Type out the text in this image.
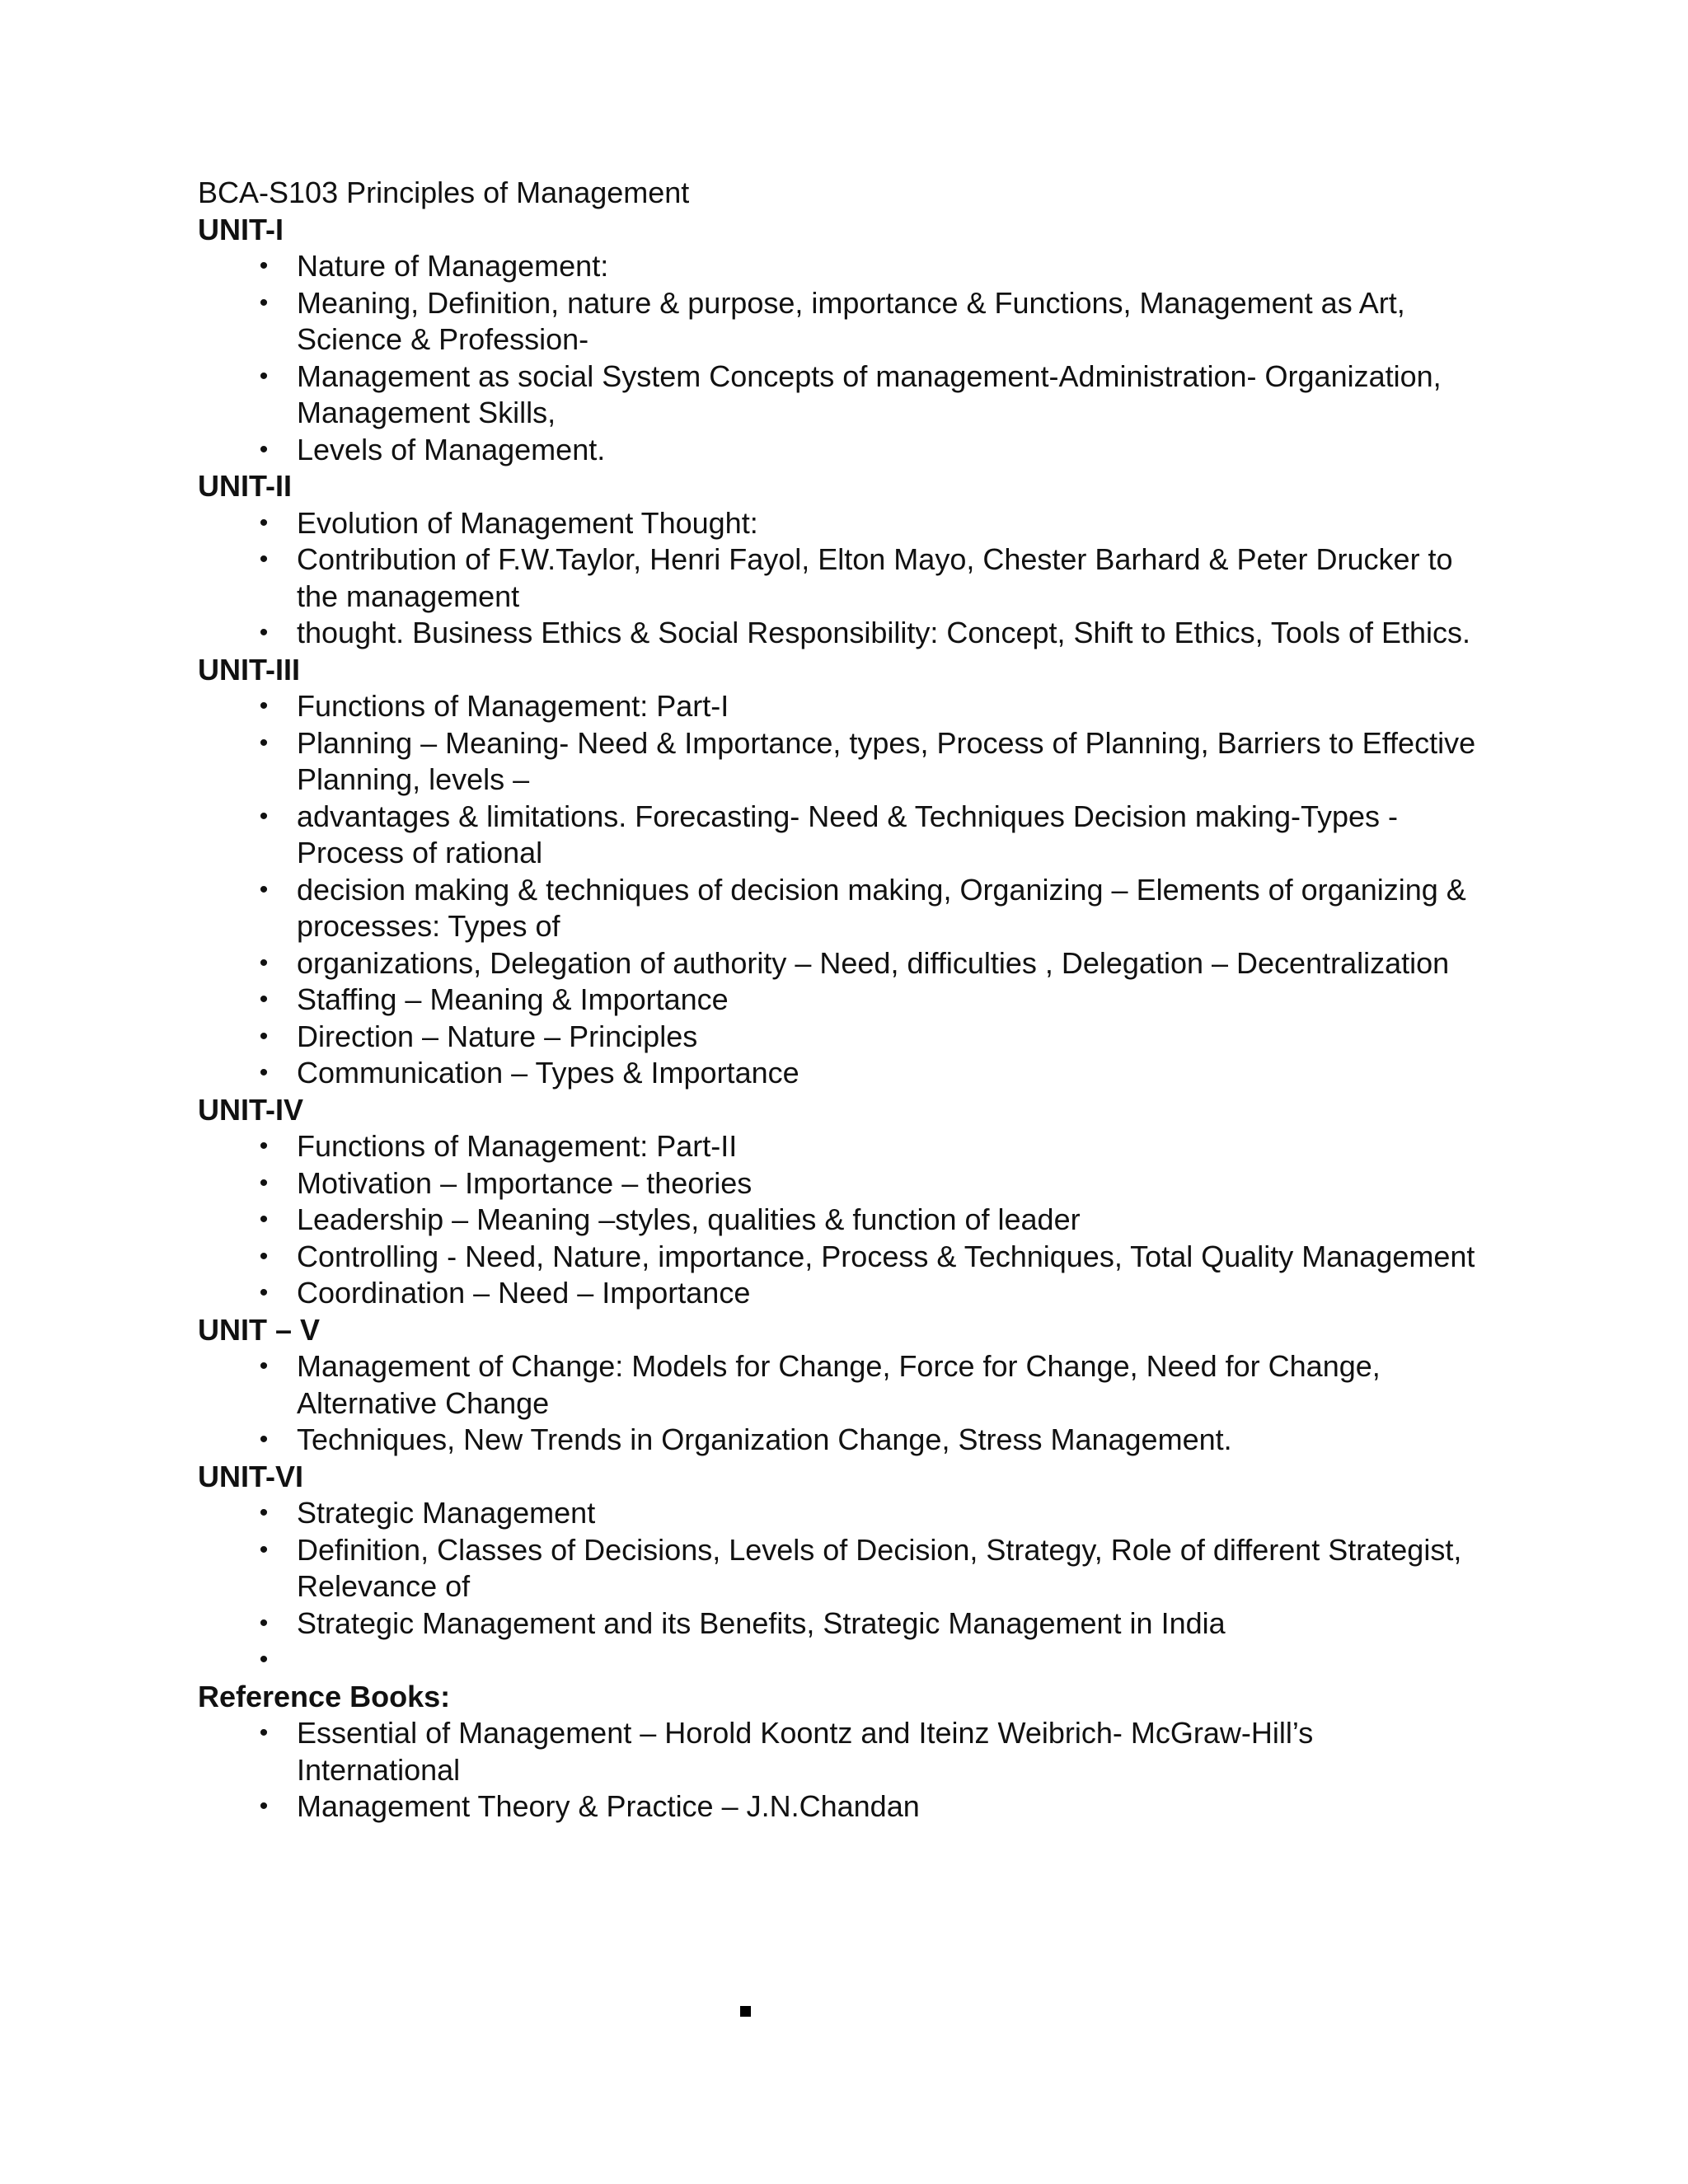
BCA-S103 Principles of Management

UNIT-I
• Nature of Management:
• Meaning, Definition, nature & purpose, importance & Functions, Management as Art, Science & Profession-
• Management as social System Concepts of management-Administration- Organization, Management Skills,
• Levels of Management.
UNIT-II
• Evolution of Management Thought:
• Contribution of F.W.Taylor, Henri Fayol, Elton Mayo, Chester Barhard & Peter Drucker to the management
• thought. Business Ethics & Social Responsibility: Concept, Shift to Ethics, Tools of Ethics.
UNIT-III
• Functions of Management: Part-I
• Planning – Meaning- Need & Importance, types, Process of Planning, Barriers to Effective Planning, levels –
• advantages & limitations. Forecasting- Need & Techniques Decision making-Types - Process of rational
• decision making & techniques of decision making, Organizing – Elements of organizing & processes: Types of
• organizations, Delegation of authority – Need, difficulties , Delegation – Decentralization
• Staffing – Meaning & Importance
• Direction – Nature – Principles
• Communication – Types & Importance
UNIT-IV
• Functions of Management: Part-II
• Motivation – Importance – theories
• Leadership – Meaning –styles, qualities & function of leader
• Controlling - Need, Nature, importance, Process & Techniques, Total Quality Management
• Coordination – Need – Importance
UNIT – V
• Management of Change: Models for Change, Force for Change, Need for Change, Alternative Change
• Techniques, New Trends in Organization Change, Stress Management.
UNIT-VI
• Strategic Management
• Definition, Classes of Decisions, Levels of Decision, Strategy, Role of different Strategist, Relevance of
• Strategic Management and its Benefits, Strategic Management in India
•

Reference Books:
• Essential of Management – Horold Koontz and Iteinz Weibrich- McGraw-Hill’s International
• Management Theory & Practice – J.N.Chandan
